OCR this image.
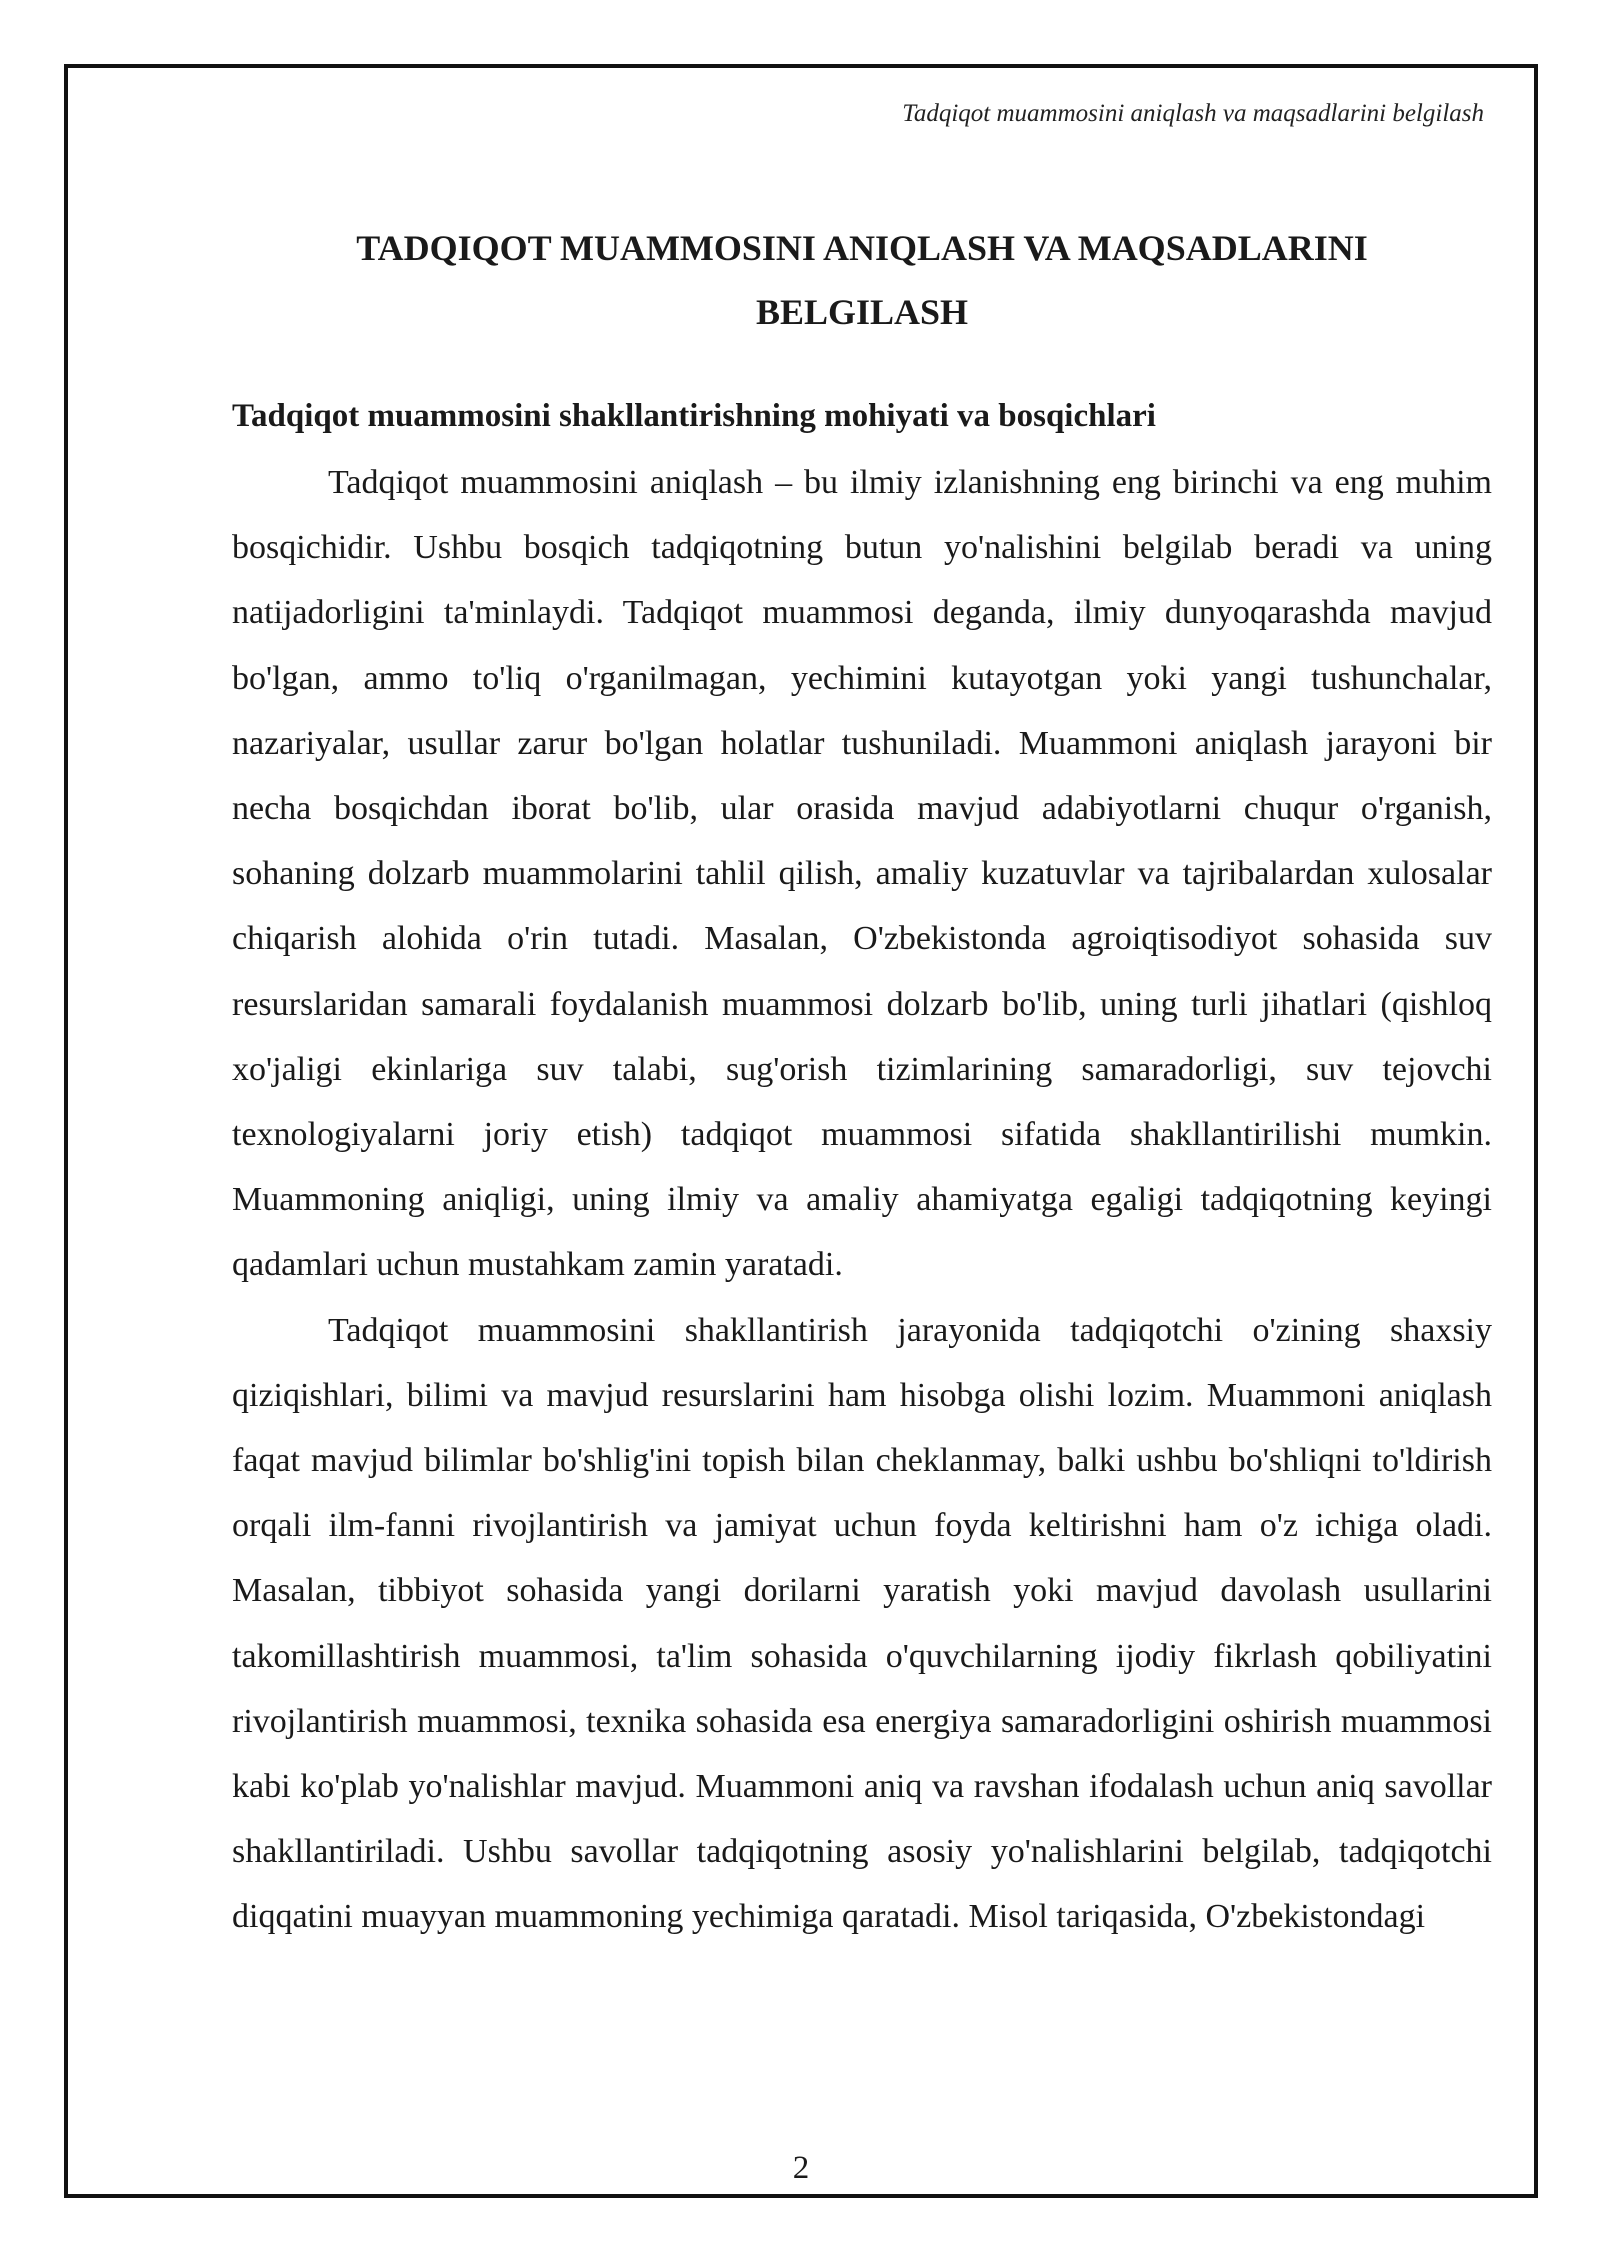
Tadqiqot muammosini aniqlash va maqsadlarini belgilash
TADQIQOT MUAMMOSINI ANIQLASH VA MAQSADLARINI
BELGILASH
Tadqiqot muammosini shakllantirishning mohiyati va bosqichlari

Tadqiqot muammosini aniqlash – bu ilmiy izlanishning eng birinchi va eng muhim bosqichidir. Ushbu bosqich tadqiqotning butun yo'nalishini belgilab beradi va uning natijadorligini ta'minlaydi. Tadqiqot muammosi deganda, ilmiy dunyoqarashda mavjud bo'lgan, ammo to'liq o'rganilmagan, yechimini kutayotgan yoki yangi tushunchalar, nazariyalar, usullar zarur bo'lgan holatlar tushuniladi. Muammoni aniqlash jarayoni bir necha bosqichdan iborat bo'lib, ular orasida mavjud adabiyotlarni chuqur o'rganish, sohaning dolzarb muammolarini tahlil qilish, amaliy kuzatuvlar va tajribalardan xulosalar chiqarish alohida o'rin tutadi. Masalan, O'zbekistonda agroiqtisodiyot sohasida suv resurslaridan samarali foydalanish muammosi dolzarb bo'lib, uning turli jihatlari (qishloq xo'jaligi ekinlariga suv talabi, sug'orish tizimlarining samaradorligi, suv tejovchi texnologiyalarni joriy etish) tadqiqot muammosi sifatida shakllantirilishi mumkin. Muammoning aniqligi, uning ilmiy va amaliy ahamiyatga egaligi tadqiqotning keyingi qadamlari uchun mustahkam zamin yaratadi.

Tadqiqot muammosini shakllantirish jarayonida tadqiqotchi o'zining shaxsiy qiziqishlari, bilimi va mavjud resurslarini ham hisobga olishi lozim. Muammoni aniqlash faqat mavjud bilimlar bo'shlig'ini topish bilan cheklanmay, balki ushbu bo'shliqni to'ldirish orqali ilm-fanni rivojlantirish va jamiyat uchun foyda keltirishni ham o'z ichiga oladi. Masalan, tibbiyot sohasida yangi dorilarni yaratish yoki mavjud davolash usullarini takomillashtirish muammosi, ta'lim sohasida o'quvchilarning ijodiy fikrlash qobiliyatini rivojlantirish muammosi, texnika sohasida esa energiya samaradorligini oshirish muammosi kabi ko'plab yo'nalishlar mavjud. Muammoni aniq va ravshan ifodalash uchun aniq savollar shakllantiriladi. Ushbu savollar tadqiqotning asosiy yo'nalishlarini belgilab, tadqiqotchi diqqatini muayyan muammoning yechimiga qaratadi. Misol tariqasida, O'zbekistondagi

2
